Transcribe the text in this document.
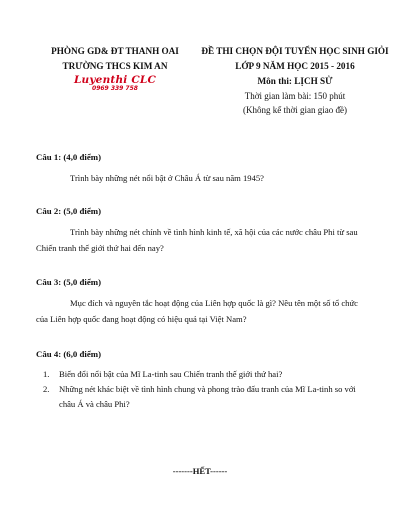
PHÒNG GD& ĐT THANH OAI
TRƯỜNG THCS KIM AN
Luyenthi CLC
0969 339 758
ĐỀ THI CHỌN ĐỘI TUYỂN HỌC SINH GIỎI
LỚP 9 NĂM HỌC 2015 - 2016
Môn thi: LỊCH SỬ
Thời gian làm bài: 150 phút
(Không kể thời gian giao đề)
Câu 1: (4,0 điểm)
Trình bày những nét nổi bật ở Châu Á từ sau năm 1945?
Câu 2: (5,0 điểm)
Trình bày những nét chính về tình hình kinh tế, xã hội của các nước châu Phi từ sau Chiến tranh thế giới thứ hai đến nay?
Câu 3: (5,0 điểm)
Mục đích và nguyên tắc hoạt động của Liên hợp quốc là gì? Nêu tên một số tổ chức của Liên hợp quốc đang hoạt động có hiệu quả tại Việt Nam?
Câu 4: (6,0 điểm)
1. Biến đổi nổi bật của Mĩ La-tinh sau Chiến tranh thế giới thứ hai?
2. Những nét khác biệt về tình hình chung và phong trào đấu tranh của Mĩ La-tinh so với châu Á và châu Phi?
-------HẾT------
